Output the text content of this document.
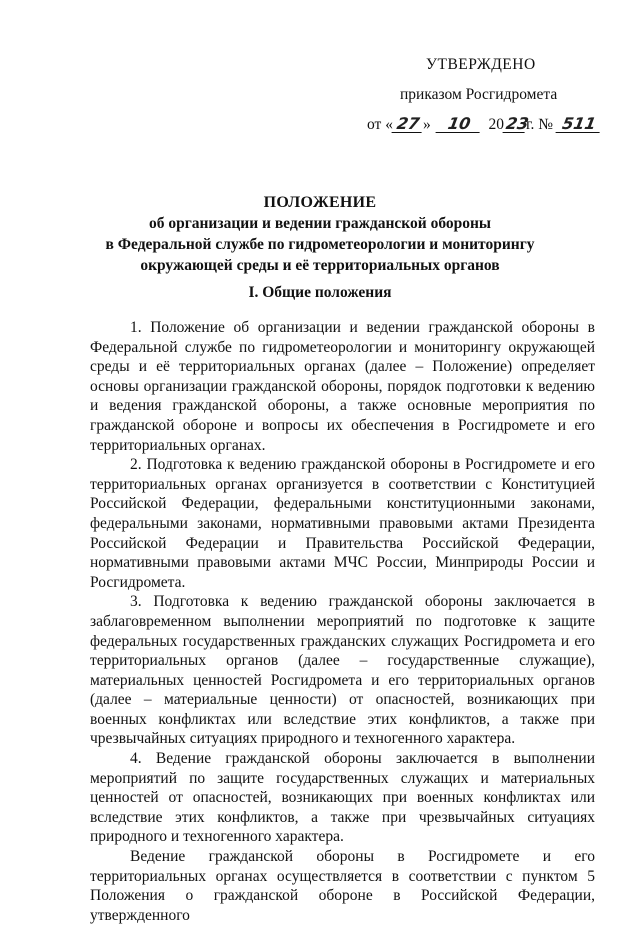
УТВЕРЖДЕНО
приказом Росгидромета
от « 27 » 10 2023г. № 511
ПОЛОЖЕНИЕ
об организации и ведении гражданской обороны
в Федеральной службе по гидрометеорологии и мониторингу
окружающей среды и её территориальных органов
I. Общие положения

1. Положение об организации и ведении гражданской обороны в Федеральной службе по гидрометеорологии и мониторингу окружающей среды и её территориальных органах (далее – Положение) определяет основы организации гражданской обороны, порядок подготовки к ведению и ведения гражданской обороны, а также основные мероприятия по гражданской обороне и вопросы их обеспечения в Росгидромете и его территориальных органах.

2. Подготовка к ведению гражданской обороны в Росгидромете и его территориальных органах организуется в соответствии с Конституцией Российской Федерации, федеральными конституционными законами, федеральными законами, нормативными правовыми актами Президента Российской Федерации и Правительства Российской Федерации, нормативными правовыми актами МЧС России, Минприроды России и Росгидромета.

3. Подготовка к ведению гражданской обороны заключается в заблаговременном выполнении мероприятий по подготовке к защите федеральных государственных гражданских служащих Росгидромета и его территориальных органов (далее – государственные служащие), материальных ценностей Росгидромета и его территориальных органов (далее – материальные ценности) от опасностей, возникающих при военных конфликтах или вследствие этих конфликтов, а также при чрезвычайных ситуациях природного и техногенного характера.

4. Ведение гражданской обороны заключается в выполнении мероприятий по защите государственных служащих и материальных ценностей от опасностей, возникающих при военных конфликтах или вследствие этих конфликтов, а также при чрезвычайных ситуациях природного и техногенного характера.

Ведение гражданской обороны в Росгидромете и его территориальных органах осуществляется в соответствии с пунктом 5 Положения о гражданской обороне в Российской Федерации, утвержденного
